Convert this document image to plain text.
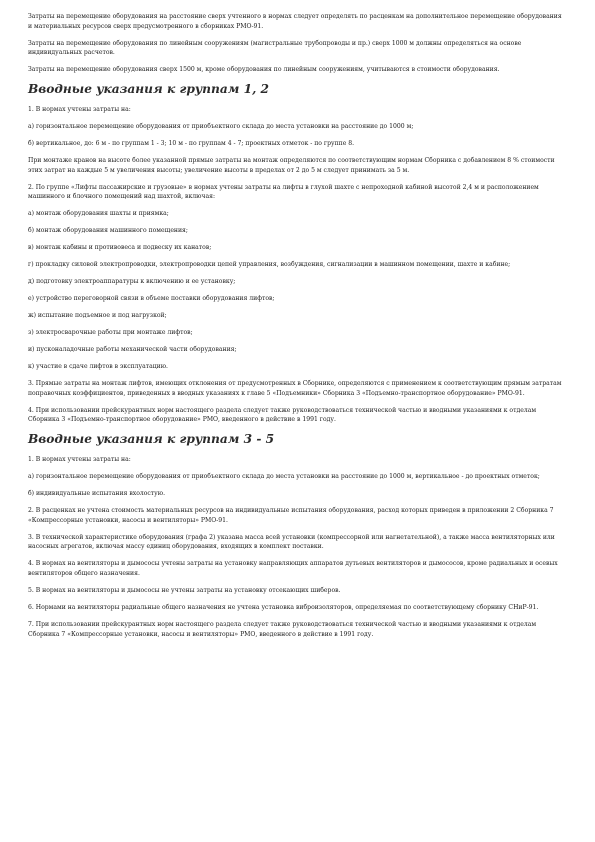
Затраты на перемещение оборудования на расстояние сверх учтенного в нормах следует определять по расценкам на дополнительное перемещение оборудования и материальных ресурсов сверх предусмотренного в сборниках РМО-91.

Затраты на перемещение оборудования по линейным сооружениям (магистральные трубопроводы и пр.) сверх 1000 м должны определяться на основе индивидуальных расчетов.

Затраты на перемещение оборудования сверх 1500 м, кроме оборудования по линейным сооружениям, учитываются в стоимости оборудования.

Вводные указания к группам 1, 2

1. В нормах учтены затраты на:

а) горизонтальное перемещение оборудования от приобъектного склада до места установки на расстояние до 1000 м;

б) вертикальное, до: 6 м - по группам 1 - 3; 10 м - по группам 4 - 7; проектных отметок - по группе 8.

При монтаже кранов на высоте более указанной прямые затраты на монтаж определяются по соответствующим нормам Сборника с добавлением 8 % стоимости этих затрат на каждые 5 м увеличения высоты; увеличение высоты в пределах от 2 до 5 м следует принимать за 5 м.

2. По группе «Лифты пассажирские и грузовые» в нормах учтены затраты на лифты в глухой шахте с непроходной кабиной высотой 2,4 м и расположением машинного и блочного помещений над шахтой, включая:

а) монтаж оборудования шахты и приямка;

б) монтаж оборудования машинного помещения;

в) монтаж кабины и противовеса и подвеску их канатов;

г) прокладку силовой электропроводки, электропроводки цепей управления, возбуждения, сигнализации в машинном помещении, шахте и кабине;

д) подготовку электроаппаратуры к включению и ее установку;

е) устройство переговорной связи в объеме поставки оборудования лифтов;

ж) испытание подъемное и под нагрузкой;

з) электросварочные работы при монтаже лифтов;

и) пусконаладочные работы механической части оборудования;

к) участие в сдаче лифтов в эксплуатацию.

3. Прямые затраты на монтаж лифтов, имеющих отклонения от предусмотренных в Сборнике, определяются с применением к соответствующим прямым затратам поправочных коэффициентов, приведенных в вводных указаниях к главе 5 «Подъемники» Сборника 3 «Подъемно-транспортное оборудование» РМО-91.

4. При использовании прейскурантных норм настоящего раздела следует также руководствоваться технической частью и вводными указаниями к отделам Сборника 3 «Подъемно-транспортное оборудование» РМО, введенного в действие в 1991 году.

Вводные указания к группам 3 - 5

1. В нормах учтены затраты на:

а) горизонтальное перемещение оборудования от приобъектного склада до места установки на расстояние до 1000 м, вертикальное - до проектных отметок;

б) индивидуальные испытания вхолостую.

2. В расценках не учтена стоимость материальных ресурсов на индивидуальные испытания оборудования, расход которых приведен в приложении 2 Сборника 7 «Компрессорные установки, насосы и вентиляторы» РМО-91.

3. В технической характеристике оборудования (графа 2) указана масса всей установки (компрессорной или нагнетательной), а также масса вентиляторных или насосных агрегатов, включая массу единиц оборудования, входящих в комплект поставки.

4. В нормах на вентиляторы и дымососы учтены затраты на установку направляющих аппаратов дутьевых вентиляторов и дымососов, кроме радиальных и осевых вентиляторов общего назначения.

5. В нормах на вентиляторы и дымососы не учтены затраты на установку отсекающих шиберов.

6. Нормами на вентиляторы радиальные общего назначения не учтена установка виброизоляторов, определяемая по соответствующему сборнику СНиР-91.

7. При использовании прейскурантных норм настоящего раздела следует также руководствоваться технической частью и вводными указаниями к отделам Сборника 7 «Компрессорные установки, насосы и вентиляторы» РМО, введенного в действие в 1991 году.
